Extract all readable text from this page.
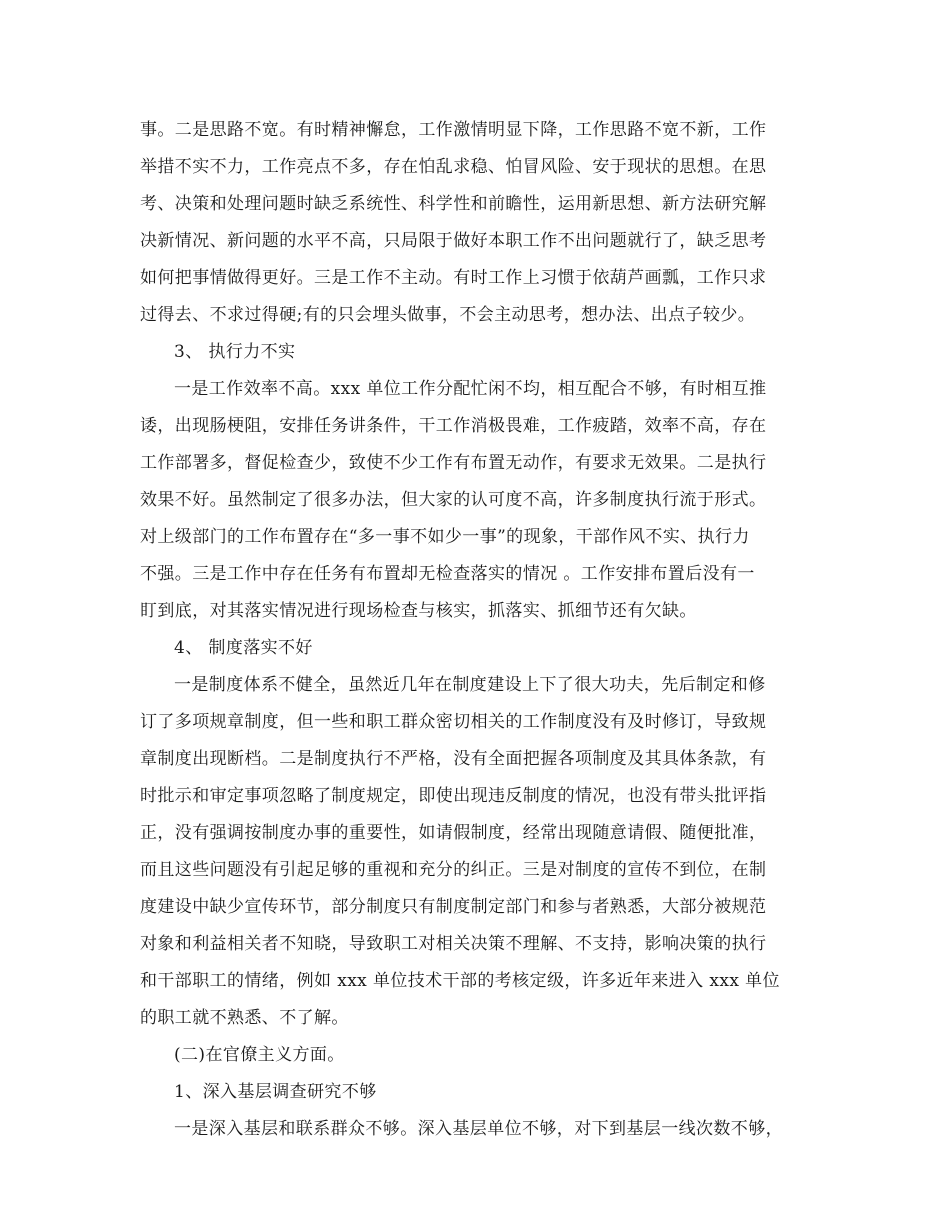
事。二是思路不宽。有时精神懈怠，工作激情明显下降，工作思路不宽不新，工作
举措不实不力，工作亮点不多，存在怕乱求稳、怕冒风险、安于现状的思想。在思
考、决策和处理问题时缺乏系统性、科学性和前瞻性，运用新思想、新方法研究解
决新情况、新问题的水平不高，只局限于做好本职工作不出问题就行了，缺乏思考
如何把事情做得更好。三是工作不主动。有时工作上习惯于依葫芦画瓢，工作只求
过得去、不求过得硬;有的只会埋头做事，不会主动思考，想办法、出点子较少。
3、 执行力不实
一是工作效率不高。xxx 单位工作分配忙闲不均，相互配合不够，有时相互推
诿，出现肠梗阻，安排任务讲条件，干工作消极畏难，工作疲踏，效率不高，存在
工作部署多，督促检查少，致使不少工作有布置无动作，有要求无效果。二是执行
效果不好。虽然制定了很多办法，但大家的认可度不高，许多制度执行流于形式。
对上级部门的工作布置存在“多一事不如少一事”的现象，干部作风不实、执行力
不强。三是工作中存在任务有布置却无检查落实的情况 。工作安排布置后没有一
盯到底，对其落实情况进行现场检查与核实，抓落实、抓细节还有欠缺。
4、 制度落实不好
一是制度体系不健全，虽然近几年在制度建设上下了很大功夫，先后制定和修
订了多项规章制度，但一些和职工群众密切相关的工作制度没有及时修订，导致规
章制度出现断档。二是制度执行不严格，没有全面把握各项制度及其具体条款，有
时批示和审定事项忽略了制度规定，即使出现违反制度的情况，也没有带头批评指
正，没有强调按制度办事的重要性，如请假制度，经常出现随意请假、随便批准，
而且这些问题没有引起足够的重视和充分的纠正。三是对制度的宣传不到位，在制
度建设中缺少宣传环节，部分制度只有制度制定部门和参与者熟悉，大部分被规范
对象和利益相关者不知晓，导致职工对相关决策不理解、不支持，影响决策的执行
和干部职工的情绪，例如 xxx 单位技术干部的考核定级，许多近年来进入 xxx 单位
的职工就不熟悉、不了解。
(二)在官僚主义方面。
1、深入基层调查研究不够
一是深入基层和联系群众不够。深入基层单位不够，对下到基层一线次数不够，
